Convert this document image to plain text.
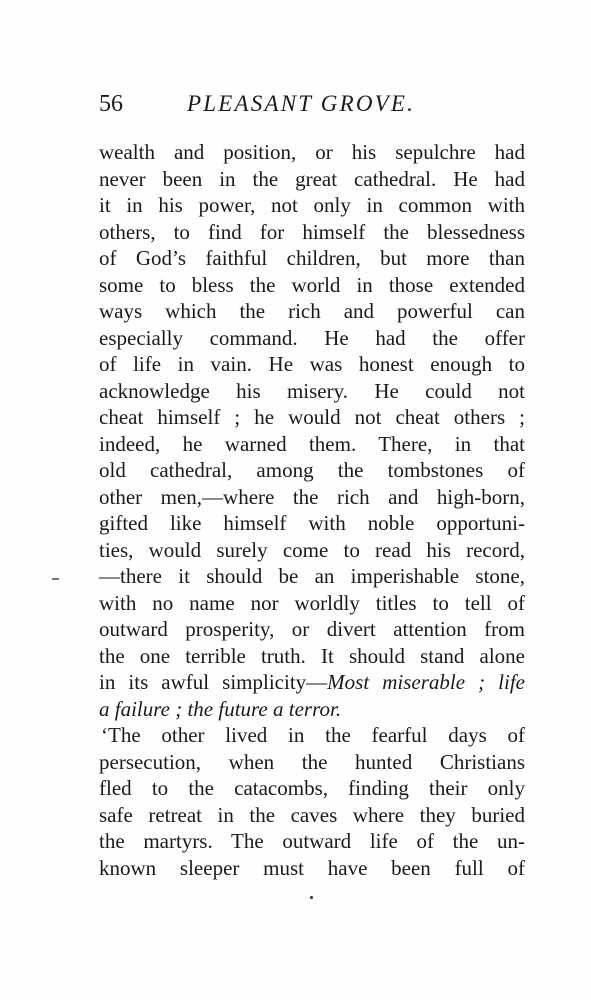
56	PLEASANT GROVE.
wealth and position, or his sepulchre had
never been in the great cathedral. He had
it in his power, not only in common with
others, to find for himself the blessedness
of God’s faithful children, but more than
some to bless the world in those extended
ways which the rich and powerful can
especially command. He had the offer
of life in vain. He was honest enough to
acknowledge his misery. He could not
cheat himself ; he would not cheat others ;
indeed, he warned them. There, in that
old cathedral, among the tombstones of
other men,—where the rich and high-born,
gifted like himself with noble opportuni-
ties, would surely come to read his record,
—there it should be an imperishable stone,
with no name nor worldly titles to tell of
outward prosperity, or divert attention from
the one terrible truth. It should stand alone
in its awful simplicity—Most miserable ; life
a failure ; the future a terror.
‘The other lived in the fearful days of
persecution, when the hunted Christians
fled to the catacombs, finding their only
safe retreat in the caves where they buried
the martyrs. The outward life of the un-
known sleeper must have been full of
